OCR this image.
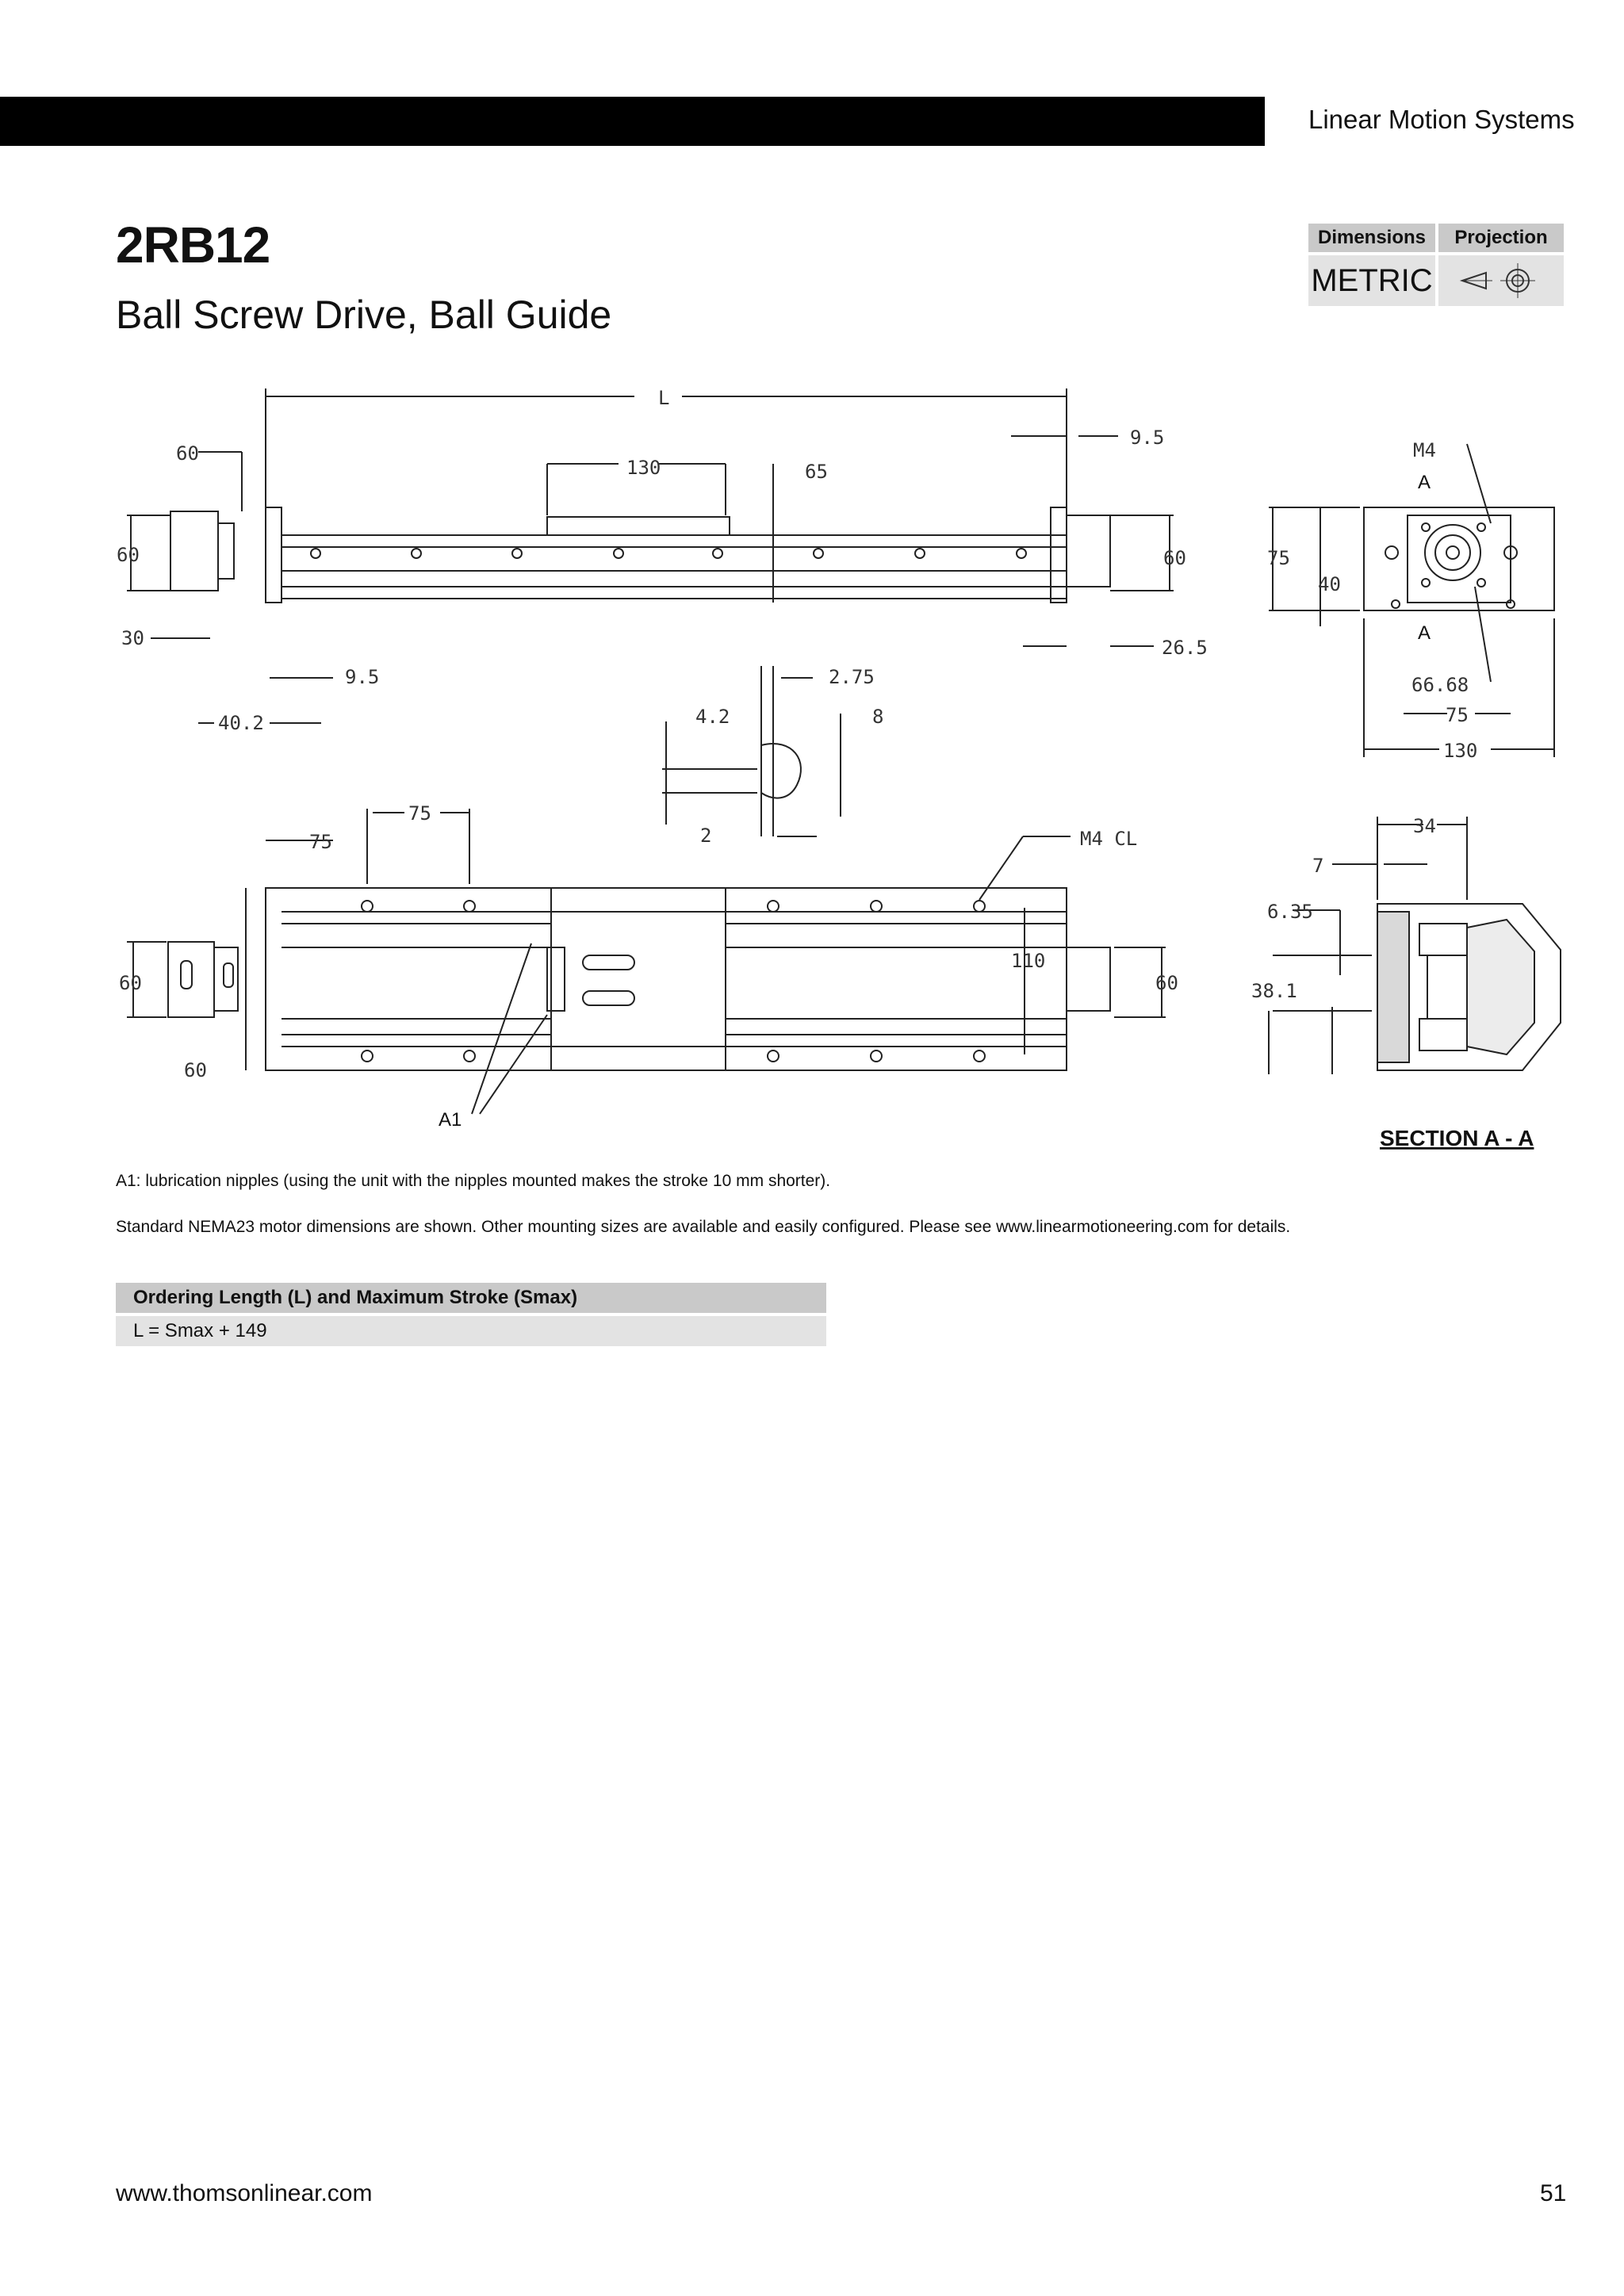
Linear Motion Systems
2RB12
Ball Screw Drive, Ball Guide
Dimensions	Projection
METRIC
L
9.5
60
130	65
60	60
30	26.5
9.5
40.2
2.75
4.2	8
2
M4
A
A
75
40
66.68
75
130
75
75	M4 CL
110
60
60
60
A1
34
7
6.35
38.1
SECTION A - A
A1: lubrication nipples (using the unit with the nipples mounted makes the stroke 10 mm shorter).
Standard NEMA23 motor dimensions are shown. Other mounting sizes are available and easily configured. Please see www.linearmotioneering.com for details.
Ordering Length (L) and Maximum Stroke (Smax)
L = Smax + 149
www.thomsonlinear.com	51
